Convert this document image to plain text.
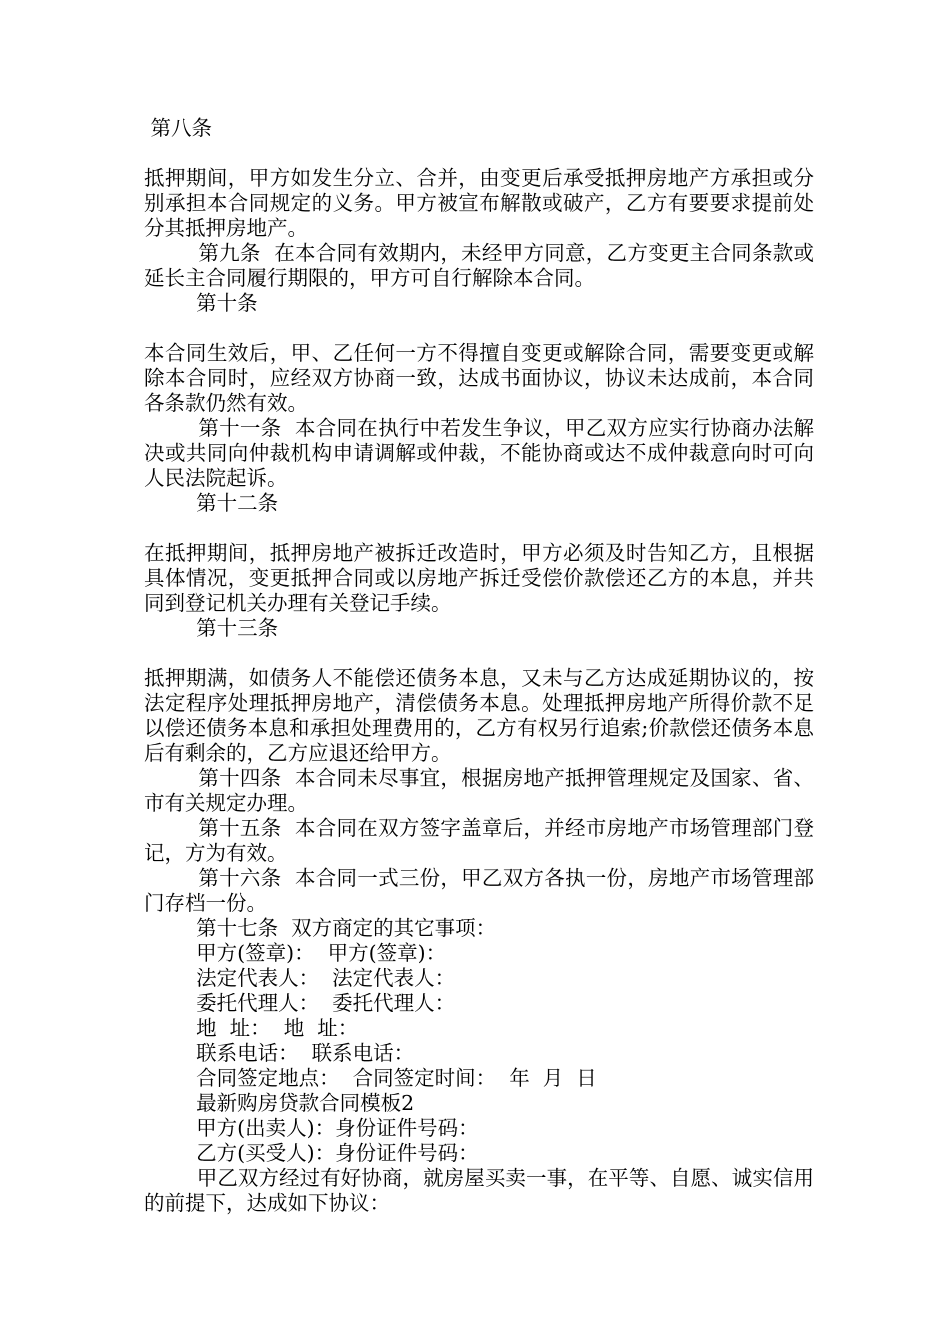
第八条
抵押期间，甲方如发生分立、合并，由变更后承受抵押房地产方承担或分别承担本合同规定的义务。甲方被宣布解散或破产，乙方有要要求提前处分其抵押房地产。
第九条  在本合同有效期内，未经甲方同意，乙方变更主合同条款或延长主合同履行期限的，甲方可自行解除本合同。
第十条
本合同生效后，甲、乙任何一方不得擅自变更或解除合同，需要变更或解除本合同时，应经双方协商一致，达成书面协议，协议未达成前，本合同各条款仍然有效。
第十一条  本合同在执行中若发生争议，甲乙双方应实行协商办法解决或共同向仲裁机构申请调解或仲裁，不能协商或达不成仲裁意向时可向人民法院起诉。
第十二条
在抵押期间，抵押房地产被拆迁改造时，甲方必须及时告知乙方，且根据具体情况，变更抵押合同或以房地产拆迁受偿价款偿还乙方的本息，并共同到登记机关办理有关登记手续。
第十三条
抵押期满，如债务人不能偿还债务本息，又未与乙方达成延期协议的，按法定程序处理抵押房地产，清偿债务本息。处理抵押房地产所得价款不足以偿还债务本息和承担处理费用的，乙方有权另行追索;价款偿还债务本息后有剩余的，乙方应退还给甲方。
第十四条  本合同未尽事宜，根据房地产抵押管理规定及国家、省、市有关规定办理。
第十五条  本合同在双方签字盖章后，并经市房地产市场管理部门登记，方为有效。
第十六条  本合同一式三份，甲乙双方各执一份，房地产市场管理部门存档一份。
第十七条  双方商定的其它事项：
甲方(签章)：  甲方(签章)：
法定代表人：  法定代表人：
委托代理人：  委托代理人：
地  址：  地  址：
联系电话：  联系电话：
合同签定地点：  合同签定时间：  年  月  日
最新购房贷款合同模板2
甲方(出卖人)：身份证件号码：
乙方(买受人)：身份证件号码：
甲乙双方经过有好协商，就房屋买卖一事，在平等、自愿、诚实信用的前提下，达成如下协议：
